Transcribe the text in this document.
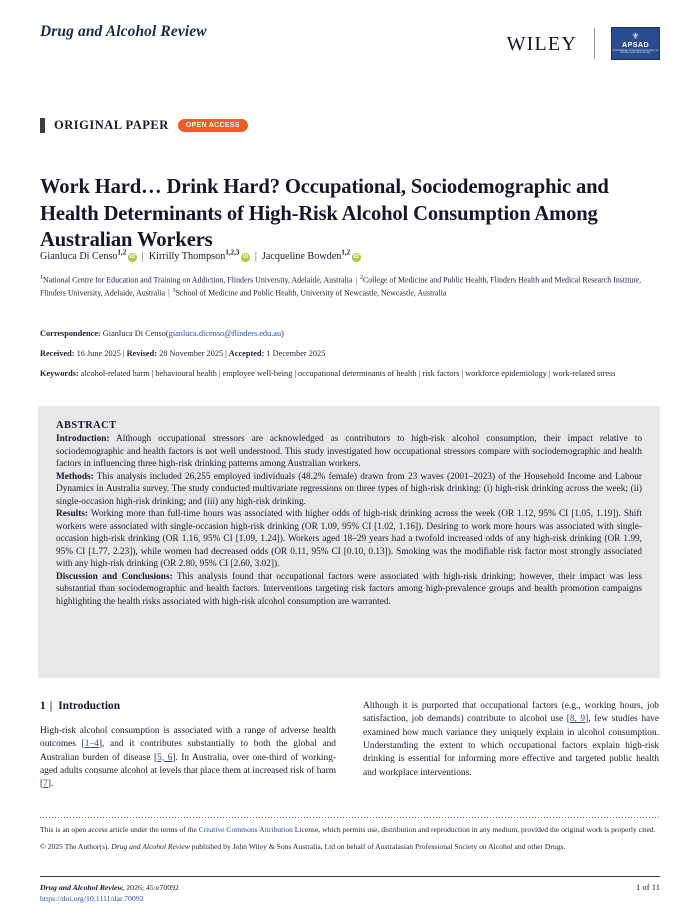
Drug and Alcohol Review
WILEY	⚜
APSAD
Australasian Professional Society on Alcohol and other Drugs
ORIGINAL PAPER	OPEN ACCESS
Work Hard… Drink Hard? Occupational, Sociodemographic and Health Determinants of High-Risk Alcohol Consumption Among Australian Workers
Gianluca Di Censo$^{1,2}$iD | Kirrilly Thompson$^{1,2,3}$iD | Jacqueline Bowden$^{1,2}$iD
$^1$National Centre for Education and Training on Addiction, Flinders University, Adelaide, Australia | $^2$College of Medicine and Public Health, Flinders Health and Medical Research Institute, Flinders University, Adelaide, Australia | $^3$School of Medicine and Public Health, University of Newcastle, Newcastle, Australia
Correspondence: Gianluca Di Censo(gianluca.dicenso@flinders.edu.au)
Received: 16 June 2025 | Revised: 28 November 2025 | Accepted: 1 December 2025
Keywords: alcohol-related harm | behavioural health | employee well-being | occupational determinants of health | risk factors | workforce epidemiology | work-related stress
ABSTRACT

Introduction: Although occupational stressors are acknowledged as contributors to high-risk alcohol consumption, their impact relative to sociodemographic and health factors is not well understood. This study investigated how occupational stressors compare with sociodemographic and health factors in influencing three high-risk drinking patterns among Australian workers.

Methods: This analysis included 26,255 employed individuals (48.2% female) drawn from 23 waves (2001–2023) of the Household Income and Labour Dynamics in Australia survey. The study conducted multivariate regressions on three types of high-risk drinking: (i) high-risk drinking across the week; (ii) single-occasion high-risk drinking; and (iii) any high-risk drinking.

Results: Working more than full-time hours was associated with higher odds of high-risk drinking across the week (OR 1.12, 95% CI [1.05, 1.19]). Shift workers were associated with single-occasion high-risk drinking (OR 1.09, 95% CI [1.02, 1.16]). Desiring to work more hours was associated with single-occasion high-risk drinking (OR 1.16, 95% CI [1.09, 1.24]). Workers aged 18–29 years had a twofold increased odds of any high-risk drinking (OR 1.99, 95% CI [1.77, 2.23]), while women had decreased odds (OR 0.11, 95% CI [0.10, 0.13]). Smoking was the modifiable risk factor most strongly associated with any high-risk drinking (OR 2.80, 95% CI [2.60, 3.02]).

Discussion and Conclusions: This analysis found that occupational factors were associated with high-risk drinking; however, their impact was less substantial than sociodemographic and health factors. Interventions targeting risk factors among high-prevalence groups and health promotion campaigns highlighting the health risks associated with high-risk alcohol consumption are warranted.

1 | Introduction

High-risk alcohol consumption is associated with a range of adverse health outcomes [1–4], and it contributes substantially to both the global and Australian burden of disease [5, 6]. In Australia, over one-third of working-aged adults consume alcohol at levels that place them at increased risk of harm [7].

Although it is purported that occupational factors (e.g., working hours, job satisfaction, job demands) contribute to alcohol use [8, 9], few studies have examined how much variance they uniquely explain in alcohol consumption. Understanding the extent to which occupational factors explain high-risk drinking is essential for informing more effective and targeted public health and workplace interventions.

This is an open access article under the terms of the Creative Commons Attribution License, which permits use, distribution and reproduction in any medium, provided the original work is properly cited.

© 2025 The Author(s). Drug and Alcohol Review published by John Wiley & Sons Australia, Ltd on behalf of Australasian Professional Society on Alcohol and other Drugs.

Drug and Alcohol Review, 2026; 45:e70092
https://doi.org/10.1111/dar.70092
1 of 11
